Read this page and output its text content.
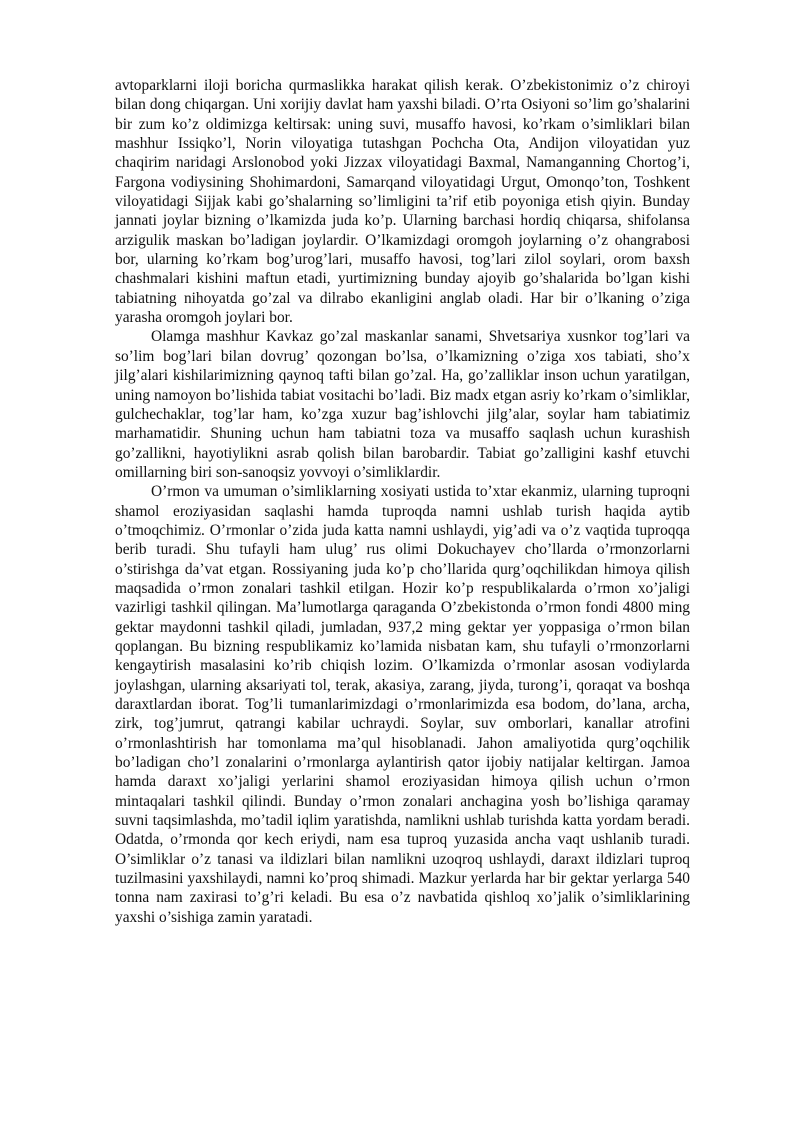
avtoparklarni iloji boricha qurmaslikka harakat qilish kerak. O’zbekistonimiz o’z chiroyi bilan dong chiqargan. Uni xorijiy davlat ham yaxshi biladi. O’rta Osiyoni so’lim go’shalarini bir zum ko’z oldimizga keltirsak: uning suvi, musaffo havosi, ko’rkam o’simliklari bilan mashhur Issiqko’l, Norin viloyatiga tutashgan Pochcha Ota, Andijon viloyatidan yuz chaqirim naridagi Arslonobod yoki Jizzax viloyatidagi Baxmal, Namanganning Chortog’i, Fargona vodiysining Shohimardoni, Samarqand viloyatidagi Urgut, Omonqo’ton, Toshkent viloyatidagi Sijjak kabi go’shalarning so’limligini ta’rif etib poyoniga etish qiyin. Bunday jannati joylar bizning o’lkamizda juda ko’p. Ularning barchasi hordiq chiqarsa, shifolansa arzigulik maskan bo’ladigan joylardir. O’lkamizdagi oromgoh joylarning o’z ohangrabosi bor, ularning ko’rkam bog’urog’lari, musaffo havosi, tog’lari zilol soylari, orom baxsh chashmalari kishini maftun etadi, yurtimizning bunday ajoyib go’shalarida bo’lgan kishi tabiatning nihoyatda go’zal va dilrabo ekanligini anglab oladi. Har bir o’lkaning o’ziga yarasha oromgoh joylari bor.

Olamga mashhur Kavkaz go’zal maskanlar sanami, Shvetsariya xusnkor tog’lari va so’lim bog’lari bilan dovrug’ qozongan bo’lsa, o’lkamizning o’ziga xos tabiati, sho’x jilg’alari kishilarimizning qaynoq tafti bilan go’zal. Ha, go’zalliklar inson uchun yaratilgan, uning namoyon bo’lishida tabiat vositachi bo’ladi. Biz madx etgan asriy ko’rkam o’simliklar, gulchechaklar, tog’lar ham, ko’zga xuzur bag’ishlovchi jilg’alar, soylar ham tabiatimiz marhamatidir. Shuning uchun ham tabiatni toza va musaffo saqlash uchun kurashish go’zallikni, hayotiylikni asrab qolish bilan barobardir. Tabiat go’zalligini kashf etuvchi omillarning biri son-sanoqsiz yovvoyi o’simliklardir.

O’rmon va umuman o’simliklarning xosiyati ustida to’xtar ekanmiz, ularning tuproqni shamol eroziyasidan saqlashi hamda tuproqda namni ushlab turish haqida aytib o’tmoqchimiz. O’rmonlar o’zida juda katta namni ushlaydi, yig’adi va o’z vaqtida tuproqqa berib turadi. Shu tufayli ham ulug’ rus olimi Dokuchayev cho’llarda o’rmonzorlarni o’stirishga da’vat etgan. Rossiyaning juda ko’p cho’llarida qurg’oqchilikdan himoya qilish maqsadida o’rmon zonalari tashkil etilgan. Hozir ko’p respublikalarda o’rmon xo’jaligi vazirligi tashkil qilingan. Ma’lumotlarga qaraganda O’zbekistonda o’rmon fondi 4800 ming gektar maydonni tashkil qiladi, jumladan, 937,2 ming gektar yer yoppasiga o’rmon bilan qoplangan. Bu bizning respublikamiz ko’lamida nisbatan kam, shu tufayli o’rmonzorlarni kengaytirish masalasini ko’rib chiqish lozim. O’lkamizda o’rmonlar asosan vodiylarda joylashgan, ularning aksariyati tol, terak, akasiya, zarang, jiyda, turong’i, qoraqat va boshqa daraxtlardan iborat. Tog’li tumanlarimizdagi o’rmonlarimizda esa bodom, do’lana, archa, zirk, tog’jumrut, qatrangi kabilar uchraydi. Soylar, suv omborlari, kanallar atrofini o’rmonlashtirish har tomonlama ma’qul hisoblanadi. Jahon amaliyotida qurg’oqchilik bo’ladigan cho’l zonalarini o’rmonlarga aylantirish qator ijobiy natijalar keltirgan. Jamoa hamda daraxt xo’jaligi yerlarini shamol eroziyasidan himoya qilish uchun o’rmon mintaqalari tashkil qilindi. Bunday o’rmon zonalari anchagina yosh bo’lishiga qaramay suvni taqsimlashda, mo’tadil iqlim yaratishda, namlikni ushlab turishda katta yordam beradi. Odatda, o’rmonda qor kech eriydi, nam esa tuproq yuzasida ancha vaqt ushlanib turadi. O’simliklar o’z tanasi va ildizlari bilan namlikni uzoqroq ushlaydi, daraxt ildizlari tuproq tuzilmasini yaxshilaydi, namni ko’proq shimadi. Mazkur yerlarda har bir gektar yerlarga 540 tonna nam zaxirasi to’g’ri keladi. Bu esa o’z navbatida qishloq xo’jalik o’simliklarining yaxshi o’sishiga zamin yaratadi.
